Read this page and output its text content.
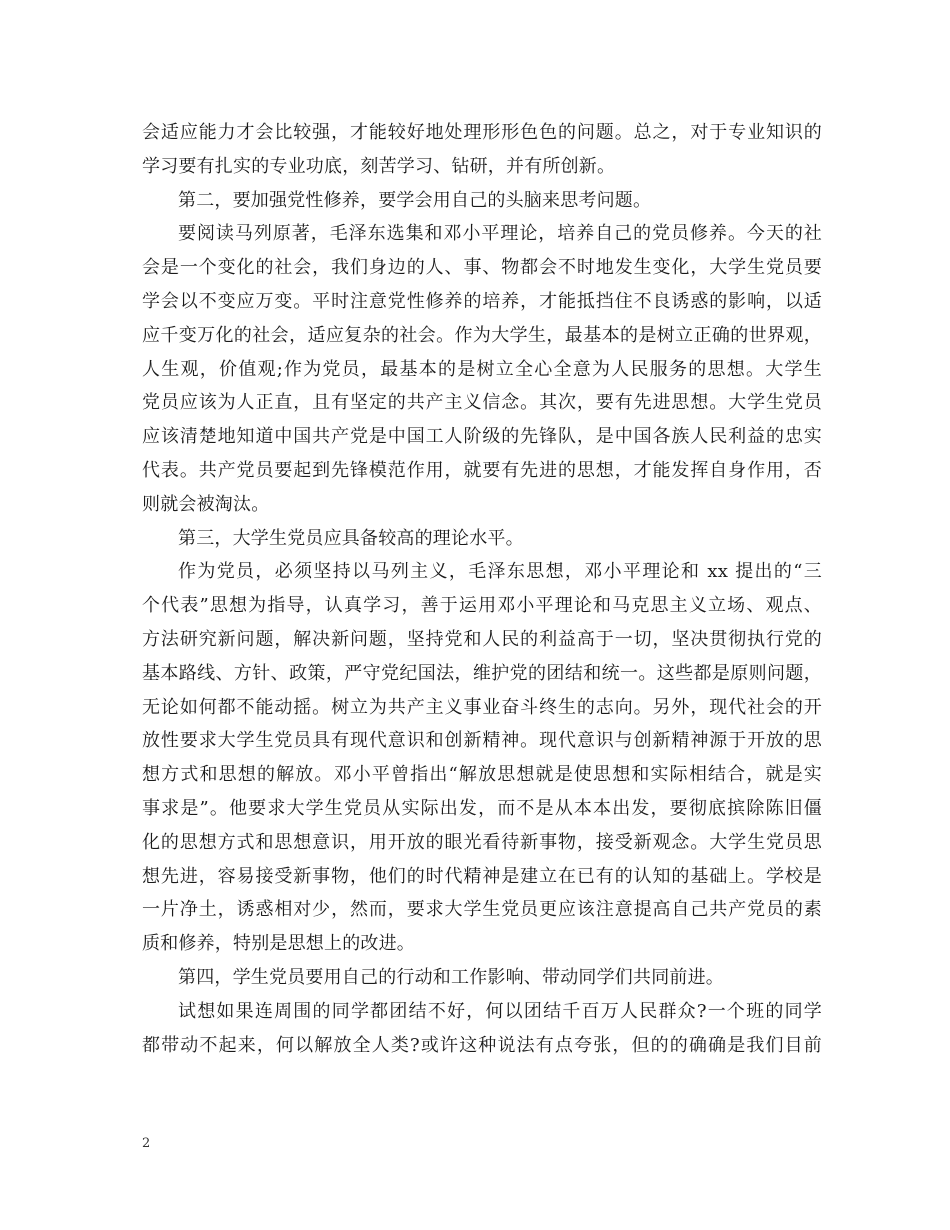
会适应能力才会比较强，才能较好地处理形形色色的问题。总之，对于专业知识的
学习要有扎实的专业功底，刻苦学习、钻研，并有所创新。
第二，要加强党性修养，要学会用自己的头脑来思考问题。
要阅读马列原著，毛泽东选集和邓小平理论，培养自己的党员修养。今天的社
会是一个变化的社会，我们身边的人、事、物都会不时地发生变化，大学生党员要
学会以不变应万变。平时注意党性修养的培养，才能抵挡住不良诱惑的影响，以适
应千变万化的社会，适应复杂的社会。作为大学生，最基本的是树立正确的世界观，
人生观，价值观;作为党员，最基本的是树立全心全意为人民服务的思想。大学生
党员应该为人正直，且有坚定的共产主义信念。其次，要有先进思想。大学生党员
应该清楚地知道中国共产党是中国工人阶级的先锋队，是中国各族人民利益的忠实
代表。共产党员要起到先锋模范作用，就要有先进的思想，才能发挥自身作用，否
则就会被淘汰。
第三，大学生党员应具备较高的理论水平。
作为党员，必须坚持以马列主义，毛泽东思想，邓小平理论和 xx 提出的“三
个代表”思想为指导，认真学习，善于运用邓小平理论和马克思主义立场、观点、
方法研究新问题，解决新问题，坚持党和人民的利益高于一切，坚决贯彻执行党的
基本路线、方针、政策，严守党纪国法，维护党的团结和统一。这些都是原则问题，
无论如何都不能动摇。树立为共产主义事业奋斗终生的志向。另外，现代社会的开
放性要求大学生党员具有现代意识和创新精神。现代意识与创新精神源于开放的思
想方式和思想的解放。邓小平曾指出“解放思想就是使思想和实际相结合，就是实
事求是”。他要求大学生党员从实际出发，而不是从本本出发，要彻底摈除陈旧僵
化的思想方式和思想意识，用开放的眼光看待新事物，接受新观念。大学生党员思
想先进，容易接受新事物，他们的时代精神是建立在已有的认知的基础上。学校是
一片净土，诱惑相对少，然而，要求大学生党员更应该注意提高自己共产党员的素
质和修养，特别是思想上的改进。
第四，学生党员要用自己的行动和工作影响、带动同学们共同前进。
试想如果连周围的同学都团结不好，何以团结千百万人民群众?一个班的同学
都带动不起来，何以解放全人类?或许这种说法有点夸张，但的的确确是我们目前
2
